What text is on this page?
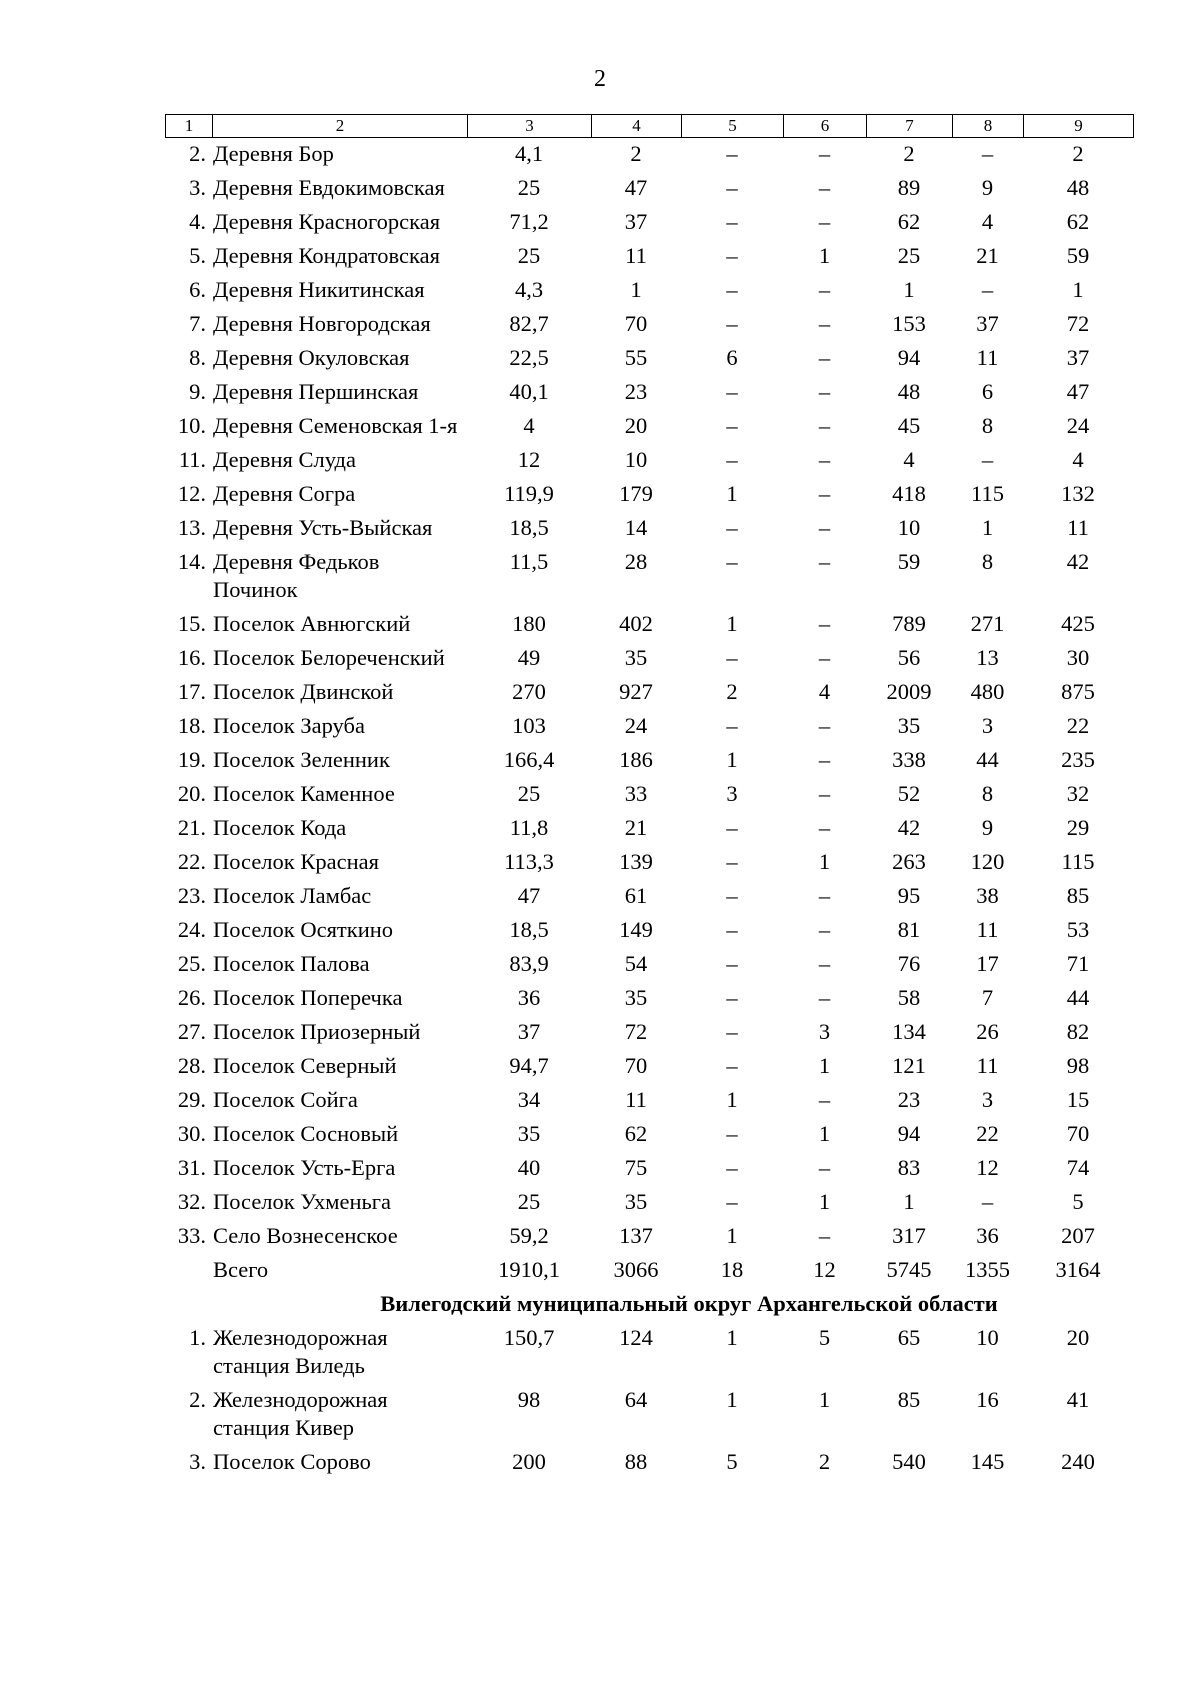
2
1	2	3	4	5	6	7	8	9
2.	Деревня Бор	4,1	2	–	–	2	–	2
3.	Деревня Евдокимовская	25	47	–	–	89	9	48
4.	Деревня Красногорская	71,2	37	–	–	62	4	62
5.	Деревня Кондратовская	25	11	–	1	25	21	59
6.	Деревня Никитинская	4,3	1	–	–	1	–	1
7.	Деревня Новгородская	82,7	70	–	–	153	37	72
8.	Деревня Окуловская	22,5	55	6	–	94	11	37
9.	Деревня Першинская	40,1	23	–	–	48	6	47
10.	Деревня Семеновская 1-я	4	20	–	–	45	8	24
11.	Деревня Слуда	12	10	–	–	4	–	4
12.	Деревня Согра	119,9	179	1	–	418	115	132
13.	Деревня Усть-Выйская	18,5	14	–	–	10	1	11
14.	Деревня Федьков Починок	11,5	28	–	–	59	8	42
15.	Поселок Авнюгский	180	402	1	–	789	271	425
16.	Поселок Белореченский	49	35	–	–	56	13	30
17.	Поселок Двинской	270	927	2	4	2009	480	875
18.	Поселок Заруба	103	24	–	–	35	3	22
19.	Поселок Зеленник	166,4	186	1	–	338	44	235
20.	Поселок Каменное	25	33	3	–	52	8	32
21.	Поселок Кода	11,8	21	–	–	42	9	29
22.	Поселок Красная	113,3	139	–	1	263	120	115
23.	Поселок Ламбас	47	61	–	–	95	38	85
24.	Поселок Осяткино	18,5	149	–	–	81	11	53
25.	Поселок Палова	83,9	54	–	–	76	17	71
26.	Поселок Поперечка	36	35	–	–	58	7	44
27.	Поселок Приозерный	37	72	–	3	134	26	82
28.	Поселок Северный	94,7	70	–	1	121	11	98
29.	Поселок Сойга	34	11	1	–	23	3	15
30.	Поселок Сосновый	35	62	–	1	94	22	70
31.	Поселок Усть-Ерга	40	75	–	–	83	12	74
32.	Поселок Ухменьга	25	35	–	1	1	–	5
33.	Село Вознесенское	59,2	137	1	–	317	36	207
	Всего	1910,1	3066	18	12	5745	1355	3164
Вилегодский муниципальный округ Архангельской области								
1.	Железнодорожная станция Виледь	150,7	124	1	5	65	10	20
2.	Железнодорожная станция Кивер	98	64	1	1	85	16	41
3.	Поселок Сорово	200	88	5	2	540	145	240
